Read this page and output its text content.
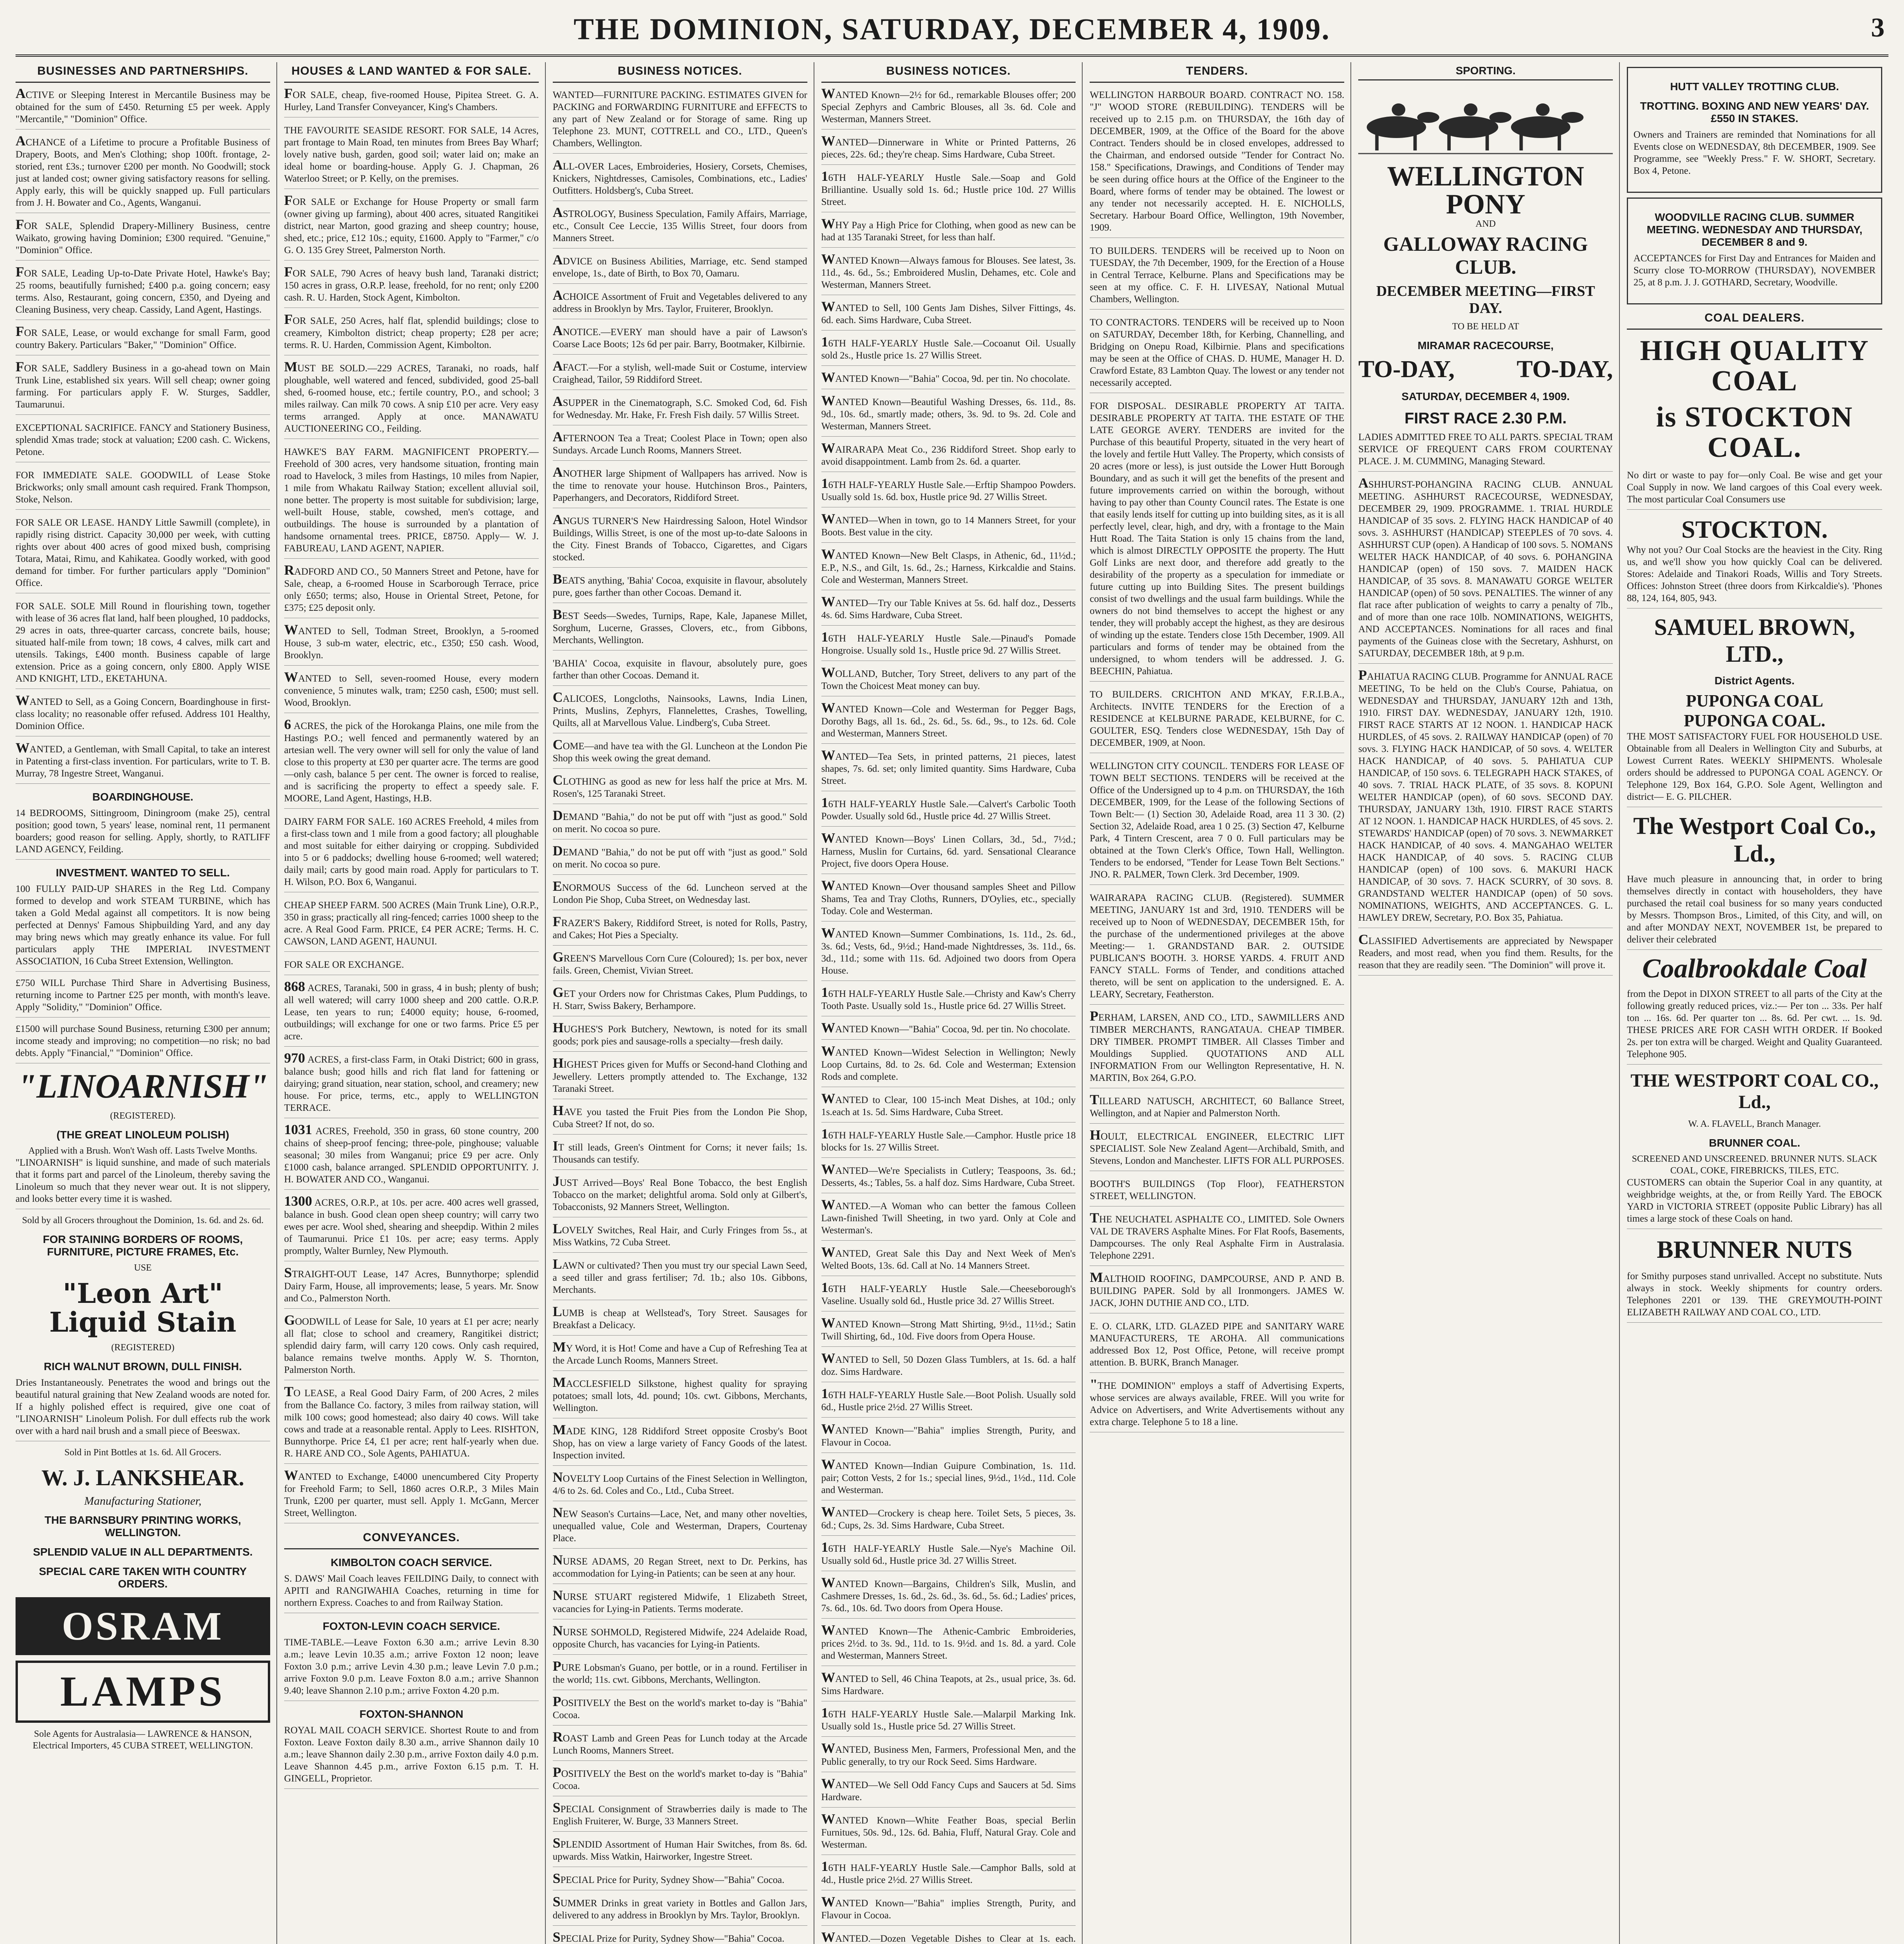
THE DOMINION, SATURDAY, DECEMBER 4, 1909.	3
BUSINESSES AND PARTNERSHIPS.

ACTIVE or Sleeping Interest in Mercantile Business may be obtained for the sum of £450. Returning £5 per week. Apply "Mercantile," "Dominion" Office.

ACHANCE of a Lifetime to procure a Profitable Business of Drapery, Boots, and Men's Clothing; shop 100ft. frontage, 2-storied, rent £3s.; turnover £200 per month. No Goodwill; stock just at landed cost; owner giving satisfactory reasons for selling. Apply early, this will be quickly snapped up. Full particulars from J. H. Bowater and Co., Agents, Wanganui.

FOR SALE, Splendid Drapery-Millinery Business, centre Waikato, growing having Dominion; £300 required. "Genuine," "Dominion" Office.

FOR SALE, Leading Up-to-Date Private Hotel, Hawke's Bay; 25 rooms, beautifully furnished; £400 p.a. going concern; easy terms. Also, Restaurant, going concern, £350, and Dyeing and Cleaning Business, very cheap. Cassidy, Land Agent, Hastings.

FOR SALE, Lease, or would exchange for small Farm, good country Bakery. Particulars "Baker," "Dominion" Office.

FOR SALE, Saddlery Business in a go-ahead town on Main Trunk Line, established six years. Will sell cheap; owner going farming. For particulars apply F. W. Sturges, Saddler, Taumarunui.

EXCEPTIONAL SACRIFICE. FANCY and Stationery Business, splendid Xmas trade; stock at valuation; £200 cash. C. Wickens, Petone.

FOR IMMEDIATE SALE. GOODWILL of Lease Stoke Brickworks; only small amount cash required. Frank Thompson, Stoke, Nelson.

FOR SALE OR LEASE. HANDY Little Sawmill (complete), in rapidly rising district. Capacity 30,000 per week, with cutting rights over about 400 acres of good mixed bush, comprising Totara, Matai, Rimu, and Kahikatea. Goodly worked, with good demand for timber. For further particulars apply "Dominion" Office.

FOR SALE. SOLE Mill Round in flourishing town, together with lease of 36 acres flat land, half been ploughed, 10 paddocks, 29 acres in oats, three-quarter carcass, concrete bails, house; situated half-mile from town; 18 cows, 4 calves, milk cart and utensils. Takings, £400 month. Business capable of large extension. Price as a going concern, only £800. Apply WISE AND KNIGHT, LTD., EKETAHUNA.

WANTED to Sell, as a Going Concern, Boardinghouse in first-class locality; no reasonable offer refused. Address 101 Healthy, Dominion Office.

WANTED, a Gentleman, with Small Capital, to take an interest in Patenting a first-class invention. For particulars, write to T. B. Murray, 78 Ingestre Street, Wanganui.

BOARDINGHOUSE.

14 BEDROOMS, Sittingroom, Diningroom (make 25), central position; good town, 5 years' lease, nominal rent, 11 permanent boarders; good reason for selling. Apply, shortly, to RATLIFF LAND AGENCY, Feilding.

INVESTMENT. WANTED TO SELL.

100 FULLY PAID-UP SHARES in the Reg Ltd. Company formed to develop and work STEAM TURBINE, which has taken a Gold Medal against all competitors. It is now being perfected at Dennys' Famous Shipbuilding Yard, and any day may bring news which may greatly enhance its value. For full particulars apply THE IMPERIAL INVESTMENT ASSOCIATION, 16 Cuba Street Extension, Wellington.

£750 WILL Purchase Third Share in Advertising Business, returning income to Partner £25 per month, with month's leave. Apply "Solidity," "Dominion" Office.

£1500 will purchase Sound Business, returning £300 per annum; income steady and improving; no competition—no risk; no bad debts. Apply "Financial," "Dominion" Office.

"LINOARNISH"
(REGISTERED).
(THE GREAT LINOLEUM POLISH)
Applied with a Brush. Won't Wash off. Lasts Twelve Months.

"LINOARNISH" is liquid sunshine, and made of such materials that it forms part and parcel of the Linoleum, thereby saving the Linoleum so much that they never wear out. It is not slippery, and looks better every time it is washed.

Sold by all Grocers throughout the Dominion, 1s. 6d. and 2s. 6d.
FOR STAINING BORDERS OF ROOMS, FURNITURE, PICTURE FRAMES, Etc.
USE
"Leon Art" Liquid Stain
(REGISTERED)
RICH WALNUT BROWN, DULL FINISH.

Dries Instantaneously. Penetrates the wood and brings out the beautiful natural graining that New Zealand woods are noted for. If a highly polished effect is required, give one coat of "LINOARNISH" Linoleum Polish. For dull effects rub the work over with a hard nail brush and a small piece of Beeswax.

Sold in Pint Bottles at 1s. 6d. All Grocers.
W. J. LANKSHEAR.
Manufacturing Stationer,
THE BARNSBURY PRINTING WORKS, WELLINGTON.
SPLENDID VALUE IN ALL DEPARTMENTS.
SPECIAL CARE TAKEN WITH COUNTRY ORDERS.
OSRAM
LAMPS
Sole Agents for Australasia— LAWRENCE & HANSON, Electrical Importers, 45 CUBA STREET, WELLINGTON.
HOUSES & LAND WANTED & FOR SALE.

FOR SALE, cheap, five-roomed House, Pipitea Street. G. A. Hurley, Land Transfer Conveyancer, King's Chambers.

THE FAVOURITE SEASIDE RESORT. FOR SALE, 14 Acres, part frontage to Main Road, ten minutes from Brees Bay Wharf; lovely native bush, garden, good soil; water laid on; make an ideal home or boarding-house. Apply G. J. Chapman, 26 Waterloo Street; or P. Kelly, on the premises.

FOR SALE or Exchange for House Property or small farm (owner giving up farming), about 400 acres, situated Rangitikei district, near Marton, good grazing and sheep country; house, shed, etc.; price, £12 10s.; equity, £1600. Apply to "Farmer," c/o G. O. 135 Grey Street, Palmerston North.

FOR SALE, 790 Acres of heavy bush land, Taranaki district; 150 acres in grass, O.R.P. lease, freehold, for no rent; only £200 cash. R. U. Harden, Stock Agent, Kimbolton.

FOR SALE, 250 Acres, half flat, splendid buildings; close to creamery, Kimbolton district; cheap property; £28 per acre; terms. R. U. Harden, Commission Agent, Kimbolton.

MUST BE SOLD.—229 ACRES, Taranaki, no roads, half ploughable, well watered and fenced, subdivided, good 25-ball shed, 6-roomed house, etc.; fertile country, P.O., and school; 3 miles railway. Can milk 70 cows. A snip £10 per acre. Very easy terms arranged. Apply at once. MANAWATU AUCTIONEERING CO., Feilding.

HAWKE'S BAY FARM. MAGNIFICENT PROPERTY.—Freehold of 300 acres, very handsome situation, fronting main road to Havelock, 3 miles from Hastings, 10 miles from Napier, 1 mile from Whakatu Railway Station; excellent alluvial soil, none better. The property is most suitable for subdivision; large, well-built House, stable, cowshed, men's cottage, and outbuildings. The house is surrounded by a plantation of handsome ornamental trees. PRICE, £8750. Apply— W. J. FABUREAU, LAND AGENT, NAPIER.

RADFORD AND CO., 50 Manners Street and Petone, have for Sale, cheap, a 6-roomed House in Scarborough Terrace, price only £650; terms; also, House in Oriental Street, Petone, for £375; £25 deposit only.

WANTED to Sell, Todman Street, Brooklyn, a 5-roomed House, 3 sub-m water, electric, etc., £350; £50 cash. Wood, Brooklyn.

WANTED to Sell, seven-roomed House, every modern convenience, 5 minutes walk, tram; £250 cash, £500; must sell. Wood, Brooklyn.

6 ACRES, the pick of the Horokanga Plains, one mile from the Hastings P.O.; well fenced and permanently watered by an artesian well. The very owner will sell for only the value of land close to this property at £30 per quarter acre. The terms are good—only cash, balance 5 per cent. The owner is forced to realise, and is sacrificing the property to effect a speedy sale. F. MOORE, Land Agent, Hastings, H.B.

DAIRY FARM FOR SALE. 160 ACRES Freehold, 4 miles from a first-class town and 1 mile from a good factory; all ploughable and most suitable for either dairying or cropping. Subdivided into 5 or 6 paddocks; dwelling house 6-roomed; well watered; daily mail; carts by good main road. Apply for particulars to T. H. Wilson, P.O. Box 6, Wanganui.

CHEAP SHEEP FARM. 500 ACRES (Main Trunk Line), O.R.P., 350 in grass; practically all ring-fenced; carries 1000 sheep to the acre. A Real Good Farm. PRICE, £4 PER ACRE; Terms. H. C. CAWSON, LAND AGENT, HAUNUI.

FOR SALE OR EXCHANGE.

868 ACRES, Taranaki, 500 in grass, 4 in bush; plenty of bush; all well watered; will carry 1000 sheep and 200 cattle. O.R.P. Lease, ten years to run; £4000 equity; house, 6-roomed, outbuildings; will exchange for one or two farms. Price £5 per acre.

970 ACRES, a first-class Farm, in Otaki District; 600 in grass, balance bush; good hills and rich flat land for fattening or dairying; grand situation, near station, school, and creamery; new house. For price, terms, etc., apply to WELLINGTON TERRACE.

1031 ACRES, Freehold, 350 in grass, 60 stone country, 200 chains of sheep-proof fencing; three-pole, pinghouse; valuable seasonal; 30 miles from Wanganui; price £9 per acre. Only £1000 cash, balance arranged. SPLENDID OPPORTUNITY. J. H. BOWATER AND CO., Wanganui.

1300 ACRES, O.R.P., at 10s. per acre. 400 acres well grassed, balance in bush. Good clean open sheep country; will carry two ewes per acre. Wool shed, shearing and sheepdip. Within 2 miles of Taumarunui. Price £1 10s. per acre; easy terms. Apply promptly, Walter Burnley, New Plymouth.

STRAIGHT-OUT Lease, 147 Acres, Bunnythorpe; splendid Dairy Farm, House, all improvements; lease, 5 years. Mr. Snow and Co., Palmerston North.

GOODWILL of Lease for Sale, 10 years at £1 per acre; nearly all flat; close to school and creamery, Rangitikei district; splendid dairy farm, will carry 120 cows. Only cash required, balance remains twelve months. Apply W. S. Thornton, Palmerston North.

TO LEASE, a Real Good Dairy Farm, of 200 Acres, 2 miles from the Ballance Co. factory, 3 miles from railway station, will milk 100 cows; good homestead; also dairy 40 cows. Will take cows and trade at a reasonable rental. Apply to Lees. RISHTON, Bunnythorpe. Price £4, £1 per acre; rent half-yearly when due. R. HARE AND CO., Sole Agents, PAHIATUA.

WANTED to Exchange, £4000 unencumbered City Property for Freehold Farm; to Sell, 1860 acres O.R.P., 3 Miles Main Trunk, £200 per quarter, must sell. Apply 1. McGann, Mercer Street, Wellington.

CONVEYANCES.
KIMBOLTON COACH SERVICE.

S. DAWS' Mail Coach leaves FEILDING Daily, to connect with APITI and RANGIWAHIA Coaches, returning in time for northern Express. Coaches to and from Railway Station.

FOXTON-LEVIN COACH SERVICE.

TIME-TABLE.—Leave Foxton 6.30 a.m.; arrive Levin 8.30 a.m.; leave Levin 10.35 a.m.; arrive Foxton 12 noon; leave Foxton 3.0 p.m.; arrive Levin 4.30 p.m.; leave Levin 7.0 p.m.; arrive Foxton 9.0 p.m. Leave Foxton 8.0 a.m.; arrive Shannon 9.40; leave Shannon 2.10 p.m.; arrive Foxton 4.20 p.m.

FOXTON-SHANNON

ROYAL MAIL COACH SERVICE. Shortest Route to and from Foxton. Leave Foxton daily 8.30 a.m., arrive Shannon daily 10 a.m.; leave Shannon daily 2.30 p.m., arrive Foxton daily 4.0 p.m. Leave Shannon 4.45 p.m., arrive Foxton 6.15 p.m. T. H. GINGELL, Proprietor.

BUSINESS NOTICES.

WANTED—FURNITURE PACKING. ESTIMATES GIVEN for PACKING and FORWARDING FURNITURE and EFFECTS to any part of New Zealand or for Storage of same. Ring up Telephone 23. MUNT, COTTRELL and CO., LTD., Queen's Chambers, Wellington.

ALL-OVER Laces, Embroideries, Hosiery, Corsets, Chemises, Knickers, Nightdresses, Camisoles, Combinations, etc., Ladies' Outfitters. Holdsberg's, Cuba Street.

ASTROLOGY, Business Speculation, Family Affairs, Marriage, etc., Consult Cee Leccie, 135 Willis Street, four doors from Manners Street.

ADVICE on Business Abilities, Marriage, etc. Send stamped envelope, 1s., date of Birth, to Box 70, Oamaru.

ACHOICE Assortment of Fruit and Vegetables delivered to any address in Brooklyn by Mrs. Taylor, Fruiterer, Brooklyn.

ANOTICE.—EVERY man should have a pair of Lawson's Coarse Lace Boots; 12s 6d per pair. Barry, Bootmaker, Kilbirnie.

AFACT.—For a stylish, well-made Suit or Costume, interview Craighead, Tailor, 59 Riddiford Street.

ASUPPER in the Cinematograph, S.C. Smoked Cod, 6d. Fish for Wednesday. Mr. Hake, Fr. Fresh Fish daily. 57 Willis Street.

AFTERNOON Tea a Treat; Coolest Place in Town; open also Sundays. Arcade Lunch Rooms, Manners Street.

ANOTHER large Shipment of Wallpapers has arrived. Now is the time to renovate your house. Hutchinson Bros., Painters, Paperhangers, and Decorators, Riddiford Street.

ANGUS TURNER'S New Hairdressing Saloon, Hotel Windsor Buildings, Willis Street, is one of the most up-to-date Saloons in the City. Finest Brands of Tobacco, Cigarettes, and Cigars stocked.

BEATS anything, 'Bahia' Cocoa, exquisite in flavour, absolutely pure, goes farther than other Cocoas. Demand it.

BEST Seeds—Swedes, Turnips, Rape, Kale, Japanese Millet, Sorghum, Lucerne, Grasses, Clovers, etc., from Gibbons, Merchants, Wellington.

'BAHIA' Cocoa, exquisite in flavour, absolutely pure, goes farther than other Cocoas. Demand it.

CALICOES, Longcloths, Nainsooks, Lawns, India Linen, Prints, Muslins, Zephyrs, Flannelettes, Crashes, Towelling, Quilts, all at Marvellous Value. Lindberg's, Cuba Street.

COME—and have tea with the Gl. Luncheon at the London Pie Shop this week owing the great demand.

CLOTHING as good as new for less half the price at Mrs. M. Rosen's, 125 Taranaki Street.

DEMAND "Bahia," do not be put off with "just as good." Sold on merit. No cocoa so pure.

DEMAND "Bahia," do not be put off with "just as good." Sold on merit. No cocoa so pure.

ENORMOUS Success of the 6d. Luncheon served at the London Pie Shop, Cuba Street, on Wednesday last.

FRAZER'S Bakery, Riddiford Street, is noted for Rolls, Pastry, and Cakes; Hot Pies a Specialty.

GREEN'S Marvellous Corn Cure (Coloured); 1s. per box, never fails. Green, Chemist, Vivian Street.

GET your Orders now for Christmas Cakes, Plum Puddings, to H. Starr, Swiss Bakery, Berhampore.

HUGHES'S Pork Butchery, Newtown, is noted for its small goods; pork pies and sausage-rolls a specialty—fresh daily.

HIGHEST Prices given for Muffs or Second-hand Clothing and Jewellery. Letters promptly attended to. The Exchange, 132 Taranaki Street.

HAVE you tasted the Fruit Pies from the London Pie Shop, Cuba Street? If not, do so.

IT still leads, Green's Ointment for Corns; it never fails; 1s. Thousands can testify.

JUST Arrived—Boys' Real Bone Tobacco, the best English Tobacco on the market; delightful aroma. Sold only at Gilbert's, Tobacconists, 92 Manners Street, Wellington.

LOVELY Switches, Real Hair, and Curly Fringes from 5s., at Miss Watkins, 72 Cuba Street.

LAWN or cultivated? Then you must try our special Lawn Seed, a seed tiller and grass fertiliser; 7d. 1b.; also 10s. Gibbons, Merchants.

LUMB is cheap at Wellstead's, Tory Street. Sausages for Breakfast a Delicacy.

MY Word, it is Hot! Come and have a Cup of Refreshing Tea at the Arcade Lunch Rooms, Manners Street.

MACCLESFIELD Silkstone, highest quality for spraying potatoes; small lots, 4d. pound; 10s. cwt. Gibbons, Merchants, Wellington.

MADE KING, 128 Riddiford Street opposite Crosby's Boot Shop, has on view a large variety of Fancy Goods of the latest. Inspection invited.

NOVELTY Loop Curtains of the Finest Selection in Wellington, 4/6 to 2s. 6d. Coles and Co., Ltd., Cuba Street.

NEW Season's Curtains—Lace, Net, and many other novelties, unequalled value, Cole and Westerman, Drapers, Courtenay Place.

NURSE ADAMS, 20 Regan Street, next to Dr. Perkins, has accommodation for Lying-in Patients; can be seen at any hour.

NURSE STUART registered Midwife, 1 Elizabeth Street, vacancies for Lying-in Patients. Terms moderate.

NURSE SOHMOLD, Registered Midwife, 224 Adelaide Road, opposite Church, has vacancies for Lying-in Patients.

PURE Lobsman's Guano, per bottle, or in a round. Fertiliser in the world; 11s. cwt. Gibbons, Merchants, Wellington.

POSITIVELY the Best on the world's market to-day is "Bahia" Cocoa.

ROAST Lamb and Green Peas for Lunch today at the Arcade Lunch Rooms, Manners Street.

POSITIVELY the Best on the world's market to-day is "Bahia" Cocoa.

SPECIAL Consignment of Strawberries daily is made to The English Fruiterer, W. Burge, 33 Manners Street.

SPLENDID Assortment of Human Hair Switches, from 8s. 6d. upwards. Miss Watkin, Hairworker, Ingestre Street.

SPECIAL Price for Purity, Sydney Show—"Bahia" Cocoa.

SUMMER Drinks in great variety in Bottles and Gallon Jars, delivered to any address in Brooklyn by Mrs. Taylor, Brooklyn.

SPECIAL Prize for Purity, Sydney Show—"Bahia" Cocoa.

BUSINESS NOTICES.

WANTED Known—2½ for 6d., remarkable Blouses offer; 200 Special Zephyrs and Cambric Blouses, all 3s. 6d. Cole and Westerman, Manners Street.

WANTED—Dinnerware in White or Printed Patterns, 26 pieces, 22s. 6d.; they're cheap. Sims Hardware, Cuba Street.

16TH HALF-YEARLY Hustle Sale.—Soap and Gold Brilliantine. Usually sold 1s. 6d.; Hustle price 10d. 27 Willis Street.

WHY Pay a High Price for Clothing, when good as new can be had at 135 Taranaki Street, for less than half.

WANTED Known—Always famous for Blouses. See latest, 3s. 11d., 4s. 6d., 5s.; Embroidered Muslin, Dehames, etc. Cole and Westerman, Manners Street.

WANTED to Sell, 100 Gents Jam Dishes, Silver Fittings, 4s. 6d. each. Sims Hardware, Cuba Street.

16TH HALF-YEARLY Hustle Sale.—Cocoanut Oil. Usually sold 2s., Hustle price 1s. 27 Willis Street.

WANTED Known—"Bahia" Cocoa, 9d. per tin. No chocolate.

WANTED Known—Beautiful Washing Dresses, 6s. 11d., 8s. 9d., 10s. 6d., smartly made; others, 3s. 9d. to 9s. 2d. Cole and Westerman, Manners Street.

WAIRARAPA Meat Co., 236 Riddiford Street. Shop early to avoid disappointment. Lamb from 2s. 6d. a quarter.

16TH HALF-YEARLY Hustle Sale.—Erftip Shampoo Powders. Usually sold 1s. 6d. box, Hustle price 9d. 27 Willis Street.

WANTED—When in town, go to 14 Manners Street, for your Boots. Best value in the city.

WANTED Known—New Belt Clasps, in Athenic, 6d., 11½d.; E.P., N.S., and Gilt, 1s. 6d., 2s.; Harness, Kirkcaldie and Stains. Cole and Westerman, Manners Street.

WANTED—Try our Table Knives at 5s. 6d. half doz., Desserts 4s. 6d. Sims Hardware, Cuba Street.

16TH HALF-YEARLY Hustle Sale.—Pinaud's Pomade Hongroise. Usually sold 1s., Hustle price 9d. 27 Willis Street.

WOLLAND, Butcher, Tory Street, delivers to any part of the Town the Choicest Meat money can buy.

WANTED Known—Cole and Westerman for Pegger Bags, Dorothy Bags, all 1s. 6d., 2s. 6d., 5s. 6d., 9s., to 12s. 6d. Cole and Westerman, Manners Street.

WANTED—Tea Sets, in printed patterns, 21 pieces, latest shapes, 7s. 6d. set; only limited quantity. Sims Hardware, Cuba Street.

16TH HALF-YEARLY Hustle Sale.—Calvert's Carbolic Tooth Powder. Usually sold 6d., Hustle price 4d. 27 Willis Street.

WANTED Known—Boys' Linen Collars, 3d., 5d., 7½d.; Harness, Muslin for Curtains, 6d. yard. Sensational Clearance Project, five doors Opera House.

WANTED Known—Over thousand samples Sheet and Pillow Shams, Tea and Tray Cloths, Runners, D'Oylies, etc., specially Today. Cole and Westerman.

WANTED Known—Summer Combinations, 1s. 11d., 2s. 6d., 3s. 6d.; Vests, 6d., 9½d.; Hand-made Nightdresses, 3s. 11d., 6s. 3d., 11d.; some with 11s. 6d. Adjoined two doors from Opera House.

16TH HALF-YEARLY Hustle Sale.—Christy and Kaw's Cherry Tooth Paste. Usually sold 1s., Hustle price 6d. 27 Willis Street.

WANTED Known—"Bahia" Cocoa, 9d. per tin. No chocolate.

WANTED Known—Widest Selection in Wellington; Newly Loop Curtains, 8d. to 2s. 6d. Cole and Westerman; Extension Rods and complete.

WANTED to Clear, 100 15-inch Meat Dishes, at 10d.; only 1s.each at 1s. 5d. Sims Hardware, Cuba Street.

16TH HALF-YEARLY Hustle Sale.—Camphor. Hustle price 18 blocks for 1s. 27 Willis Street.

WANTED—We're Specialists in Cutlery; Teaspoons, 3s. 6d.; Desserts, 4s.; Tables, 5s. a half doz. Sims Hardware, Cuba Street.

WANTED.—A Woman who can better the famous Colleen Lawn-finished Twill Sheeting, in two yard. Only at Cole and Westerman's.

WANTED, Great Sale this Day and Next Week of Men's Welted Boots, 13s. 6d. Call at No. 14 Manners Street.

16TH HALF-YEARLY Hustle Sale.—Cheeseborough's Vaseline. Usually sold 6d., Hustle price 3d. 27 Willis Street.

WANTED Known—Strong Matt Shirting, 9½d., 11½d.; Satin Twill Shirting, 6d., 10d. Five doors from Opera House.

WANTED to Sell, 50 Dozen Glass Tumblers, at 1s. 6d. a half doz. Sims Hardware.

16TH HALF-YEARLY Hustle Sale.—Boot Polish. Usually sold 6d., Hustle price 2½d. 27 Willis Street.

WANTED Known—"Bahia" implies Strength, Purity, and Flavour in Cocoa.

WANTED Known—Indian Guipure Combination, 1s. 11d. pair; Cotton Vests, 2 for 1s.; special lines, 9½d., 1½d., 11d. Cole and Westerman.

WANTED—Crockery is cheap here. Toilet Sets, 5 pieces, 3s. 6d.; Cups, 2s. 3d. Sims Hardware, Cuba Street.

16TH HALF-YEARLY Hustle Sale.—Nye's Machine Oil. Usually sold 6d., Hustle price 3d. 27 Willis Street.

WANTED Known—Bargains, Children's Silk, Muslin, and Cashmere Dresses, 1s. 6d., 2s. 6d., 3s. 6d., 5s. 6d.; Ladies' prices, 7s. 6d., 10s. 6d. Two doors from Opera House.

WANTED Known—The Athenic-Cambric Embroideries, prices 2½d. to 3s. 9d., 11d. to 1s. 9½d. and 1s. 8d. a yard. Cole and Westerman, Manners Street.

WANTED to Sell, 46 China Teapots, at 2s., usual price, 3s. 6d. Sims Hardware.

16TH HALF-YEARLY Hustle Sale.—Malarpil Marking Ink. Usually sold 1s., Hustle price 5d. 27 Willis Street.

WANTED, Business Men, Farmers, Professional Men, and the Public generally, to try our Rock Seed. Sims Hardware.

WANTED—We Sell Odd Fancy Cups and Saucers at 5d. Sims Hardware.

WANTED Known—White Feather Boas, special Berlin Furnitues, 50s. 9d., 12s. 6d. Bahia, Fluff, Natural Gray. Cole and Westerman.

16TH HALF-YEARLY Hustle Sale.—Camphor Balls, sold at 4d., Hustle price 2½d. 27 Willis Street.

WANTED Known—"Bahia" implies Strength, Purity, and Flavour in Cocoa.

WANTED.—Dozen Vegetable Dishes to Clear at 1s. each.

TENDERS.

WELLINGTON HARBOUR BOARD. CONTRACT NO. 158. "J" WOOD STORE (REBUILDING). TENDERS will be received up to 2.15 p.m. on THURSDAY, the 16th day of DECEMBER, 1909, at the Office of the Board for the above Contract. Tenders should be in closed envelopes, addressed to the Chairman, and endorsed outside "Tender for Contract No. 158." Specifications, Drawings, and Conditions of Tender may be seen during office hours at the Office of the Engineer to the Board, where forms of tender may be obtained. The lowest or any tender not necessarily accepted. H. E. NICHOLLS, Secretary. Harbour Board Office, Wellington, 19th November, 1909.

TO BUILDERS. TENDERS will be received up to Noon on TUESDAY, the 7th December, 1909, for the Erection of a House in Central Terrace, Kelburne. Plans and Specifications may be seen at my office. C. F. H. LIVESAY, National Mutual Chambers, Wellington.

TO CONTRACTORS. TENDERS will be received up to Noon on SATURDAY, December 18th, for Kerbing, Channelling, and Bridging on Onepu Road, Kilbirnie. Plans and specifications may be seen at the Office of CHAS. D. HUME, Manager H. D. Crawford Estate, 83 Lambton Quay. The lowest or any tender not necessarily accepted.

FOR DISPOSAL. DESIRABLE PROPERTY AT TAITA. DESIRABLE PROPERTY AT TAITA. THE ESTATE OF THE LATE GEORGE AVERY. TENDERS are invited for the Purchase of this beautiful Property, situated in the very heart of the lovely and fertile Hutt Valley. The Property, which consists of 20 acres (more or less), is just outside the Lower Hutt Borough Boundary, and as such it will get the benefits of the present and future improvements carried on within the borough, without having to pay other than County Council rates. The Estate is one that easily lends itself for cutting up into building sites, as it is all perfectly level, clear, high, and dry, with a frontage to the Main Hutt Road. The Taita Station is only 15 chains from the land, which is almost DIRECTLY OPPOSITE the property. The Hutt Golf Links are next door, and therefore add greatly to the desirability of the property as a speculation for immediate or future cutting up into Building Sites. The present buildings consist of two dwellings and the usual farm buildings. While the owners do not bind themselves to accept the highest or any tender, they will probably accept the highest, as they are desirous of winding up the estate. Tenders close 15th December, 1909. All particulars and forms of tender may be obtained from the undersigned, to whom tenders will be addressed. J. G. BEECHIN, Pahiatua.

TO BUILDERS. CRICHTON AND M'KAY, F.R.I.B.A., Architects. INVITE TENDERS for the Erection of a RESIDENCE at KELBURNE PARADE, KELBURNE, for C. GOULTER, ESQ. Tenders close WEDNESDAY, 15th Day of DECEMBER, 1909, at Noon.

WELLINGTON CITY COUNCIL. TENDERS FOR LEASE OF TOWN BELT SECTIONS. TENDERS will be received at the Office of the Undersigned up to 4 p.m. on THURSDAY, the 16th DECEMBER, 1909, for the Lease of the following Sections of Town Belt:— (1) Section 30, Adelaide Road, area 11 3 30. (2) Section 32, Adelaide Road, area 1 0 25. (3) Section 47, Kelburne Park, 4 Tintern Crescent, area 7 0 0. Full particulars may be obtained at the Town Clerk's Office, Town Hall, Wellington. Tenders to be endorsed, "Tender for Lease Town Belt Sections." JNO. R. PALMER, Town Clerk. 3rd December, 1909.

WAIRARAPA RACING CLUB. (Registered). SUMMER MEETING, JANUARY 1st and 3rd, 1910. TENDERS will be received up to Noon of WEDNESDAY, DECEMBER 15th, for the purchase of the undermentioned privileges at the above Meeting:— 1. GRANDSTAND BAR. 2. OUTSIDE PUBLICAN'S BOOTH. 3. HORSE YARDS. 4. FRUIT AND FANCY STALL. Forms of Tender, and conditions attached thereto, will be sent on application to the undersigned. E. A. LEARY, Secretary, Featherston.

PERHAM, LARSEN, AND CO., LTD., SAWMILLERS AND TIMBER MERCHANTS, RANGATAUA. CHEAP TIMBER. DRY TIMBER. PROMPT TIMBER. All Classes Timber and Mouldings Supplied. QUOTATIONS AND ALL INFORMATION From our Wellington Representative, H. N. MARTIN, Box 264, G.P.O.

TILLEARD NATUSCH, ARCHITECT, 60 Ballance Street, Wellington, and at Napier and Palmerston North.

HOULT, ELECTRICAL ENGINEER, ELECTRIC LIFT SPECIALIST. Sole New Zealand Agent—Archibald, Smith, and Stevens, London and Manchester. LIFTS FOR ALL PURPOSES.

BOOTH'S BUILDINGS (Top Floor), FEATHERSTON STREET, WELLINGTON.

THE NEUCHATEL ASPHALTE CO., LIMITED. Sole Owners VAL DE TRAVERS Asphalte Mines. For Flat Roofs, Basements, Dampcourses. The only Real Asphalte Firm in Australasia. Telephone 2291.

MALTHOID ROOFING, DAMPCOURSE, AND P. AND B. BUILDING PAPER. Sold by all Ironmongers. JAMES W. JACK, JOHN DUTHIE AND CO., LTD.

E. O. CLARK, LTD. GLAZED PIPE and SANITARY WARE MANUFACTURERS, TE AROHA. All communications addressed Box 12, Post Office, Petone, will receive prompt attention. B. BURK, Branch Manager.

"THE DOMINION" employs a staff of Advertising Experts, whose services are always available, FREE. Will you write for Advice on Advertisers, and Write Advertisements without any extra charge. Telephone 5 to 18 a line.

SPORTING.
WELLINGTON PONY
AND
GALLOWAY RACING CLUB.
DECEMBER MEETING—FIRST DAY.
TO BE HELD AT
MIRAMAR RACECOURSE,
TO-DAY,	TO-DAY,
SATURDAY, DECEMBER 4, 1909.
FIRST RACE 2.30 P.M.

LADIES ADMITTED FREE TO ALL PARTS. SPECIAL TRAM SERVICE OF FREQUENT CARS FROM COURTENAY PLACE. J. M. CUMMING, Managing Steward.

ASHHURST-POHANGINA RACING CLUB. ANNUAL MEETING. ASHHURST RACECOURSE, WEDNESDAY, DECEMBER 29, 1909. PROGRAMME. 1. TRIAL HURDLE HANDICAP of 35 sovs. 2. FLYING HACK HANDICAP of 40 sovs. 3. ASHHURST (HANDICAP) STEEPLES of 70 sovs. 4. ASHHURST CUP (open). A Handicap of 100 sovs. 5. NOMANS WELTER HACK HANDICAP, of 40 sovs. 6. POHANGINA HANDICAP (open) of 150 sovs. 7. MAIDEN HACK HANDICAP, of 35 sovs. 8. MANAWATU GORGE WELTER HANDICAP (open) of 50 sovs. PENALTIES. The winner of any flat race after publication of weights to carry a penalty of 7lb., and of more than one race 10lb. NOMINATIONS, WEIGHTS, AND ACCEPTANCES. Nominations for all races and final payments of the Guineas close with the Secretary, Ashhurst, on SATURDAY, DECEMBER 18th, at 9 p.m.

PAHIATUA RACING CLUB. Programme for ANNUAL RACE MEETING, To be held on the Club's Course, Pahiatua, on WEDNESDAY and THURSDAY, JANUARY 12th and 13th, 1910. FIRST DAY. WEDNESDAY, JANUARY 12th, 1910. FIRST RACE STARTS AT 12 NOON. 1. HANDICAP HACK HURDLES, of 45 sovs. 2. RAILWAY HANDICAP (open) of 70 sovs. 3. FLYING HACK HANDICAP, of 50 sovs. 4. WELTER HACK HANDICAP, of 40 sovs. 5. PAHIATUA CUP HANDICAP, of 150 sovs. 6. TELEGRAPH HACK STAKES, of 40 sovs. 7. TRIAL HACK PLATE, of 35 sovs. 8. KOPUNI WELTER HANDICAP (open), of 60 sovs. SECOND DAY. THURSDAY, JANUARY 13th, 1910. FIRST RACE STARTS AT 12 NOON. 1. HANDICAP HACK HURDLES, of 45 sovs. 2. STEWARDS' HANDICAP (open) of 70 sovs. 3. NEWMARKET HACK HANDICAP, of 40 sovs. 4. MANGAHAO WELTER HACK HANDICAP, of 40 sovs. 5. RACING CLUB HANDICAP (open) of 100 sovs. 6. MAKURI HACK HANDICAP, of 30 sovs. 7. HACK SCURRY, of 30 sovs. 8. GRANDSTAND WELTER HANDICAP (open) of 50 sovs. NOMINATIONS, WEIGHTS, AND ACCEPTANCES. G. L. HAWLEY DREW, Secretary, P.O. Box 35, Pahiatua.

CLASSIFIED Advertisements are appreciated by Newspaper Readers, and most read, when you find them. Results, for the reason that they are readily seen. "The Dominion" will prove it.

HUTT VALLEY TROTTING CLUB.
TROTTING. BOXING AND NEW YEARS' DAY. £550 IN STAKES.

Owners and Trainers are reminded that Nominations for all Events close on WEDNESDAY, 8th DECEMBER, 1909. See Programme, see "Weekly Press." F. W. SHORT, Secretary. Box 4, Petone.

WOODVILLE RACING CLUB. SUMMER MEETING. WEDNESDAY AND THURSDAY, DECEMBER 8 and 9.

ACCEPTANCES for First Day and Entrances for Maiden and Scurry close TO-MORROW (THURSDAY), NOVEMBER 25, at 8 p.m. J. J. GOTHARD, Secretary, Woodville.

COAL DEALERS.
HIGH QUALITY COAL
is STOCKTON COAL.

No dirt or waste to pay for—only Coal. Be wise and get your Coal Supply in now. We land cargoes of this Coal every week. The most particular Coal Consumers use

STOCKTON.

Why not you? Our Coal Stocks are the heaviest in the City. Ring us, and we'll show you how quickly Coal can be delivered. Stores: Adelaide and Tinakori Roads, Willis and Tory Streets. Offices: Johnston Street (three doors from Kirkcaldie's). 'Phones 88, 124, 164, 805, 943.

SAMUEL BROWN, LTD.,
District Agents.
PUPONGA COAL
PUPONGA COAL.

THE MOST SATISFACTORY FUEL FOR HOUSEHOLD USE. Obtainable from all Dealers in Wellington City and Suburbs, at Lowest Current Rates. WEEKLY SHIPMENTS. Wholesale orders should be addressed to PUPONGA COAL AGENCY. Or Telephone 129, Box 164, G.P.O. Sole Agent, Wellington and district— E. G. PILCHER.

The Westport Coal Co., Ld.,

Have much pleasure in announcing that, in order to bring themselves directly in contact with householders, they have purchased the retail coal business for so many years conducted by Messrs. Thompson Bros., Limited, of this City, and will, on and after MONDAY NEXT, NOVEMBER 1st, be prepared to deliver their celebrated

Coalbrookdale Coal

from the Depot in DIXON STREET to all parts of the City at the following greatly reduced prices, viz.:— Per ton ... 33s. Per half ton ... 16s. 6d. Per quarter ton ... 8s. 6d. Per cwt. ... 1s. 9d. THESE PRICES ARE FOR CASH WITH ORDER. If Booked 2s. per ton extra will be charged. Weight and Quality Guaranteed. Telephone 905.

THE WESTPORT COAL CO., Ld.,
W. A. FLAVELL, Branch Manager.
BRUNNER COAL.
SCREENED AND UNSCREENED. BRUNNER NUTS. SLACK COAL, COKE, FIREBRICKS, TILES, ETC.

CUSTOMERS can obtain the Superior Coal in any quantity, at weighbridge weights, at the, or from Reilly Yard. The EBOCK YARD in VICTORIA STREET (opposite Public Library) has all times a large stock of these Coals on hand.

BRUNNER NUTS

for Smithy purposes stand unrivalled. Accept no substitute. Nuts always in stock. Weekly shipments for country orders. Telephones 2201 or 139. THE GREYMOUTH-POINT ELIZABETH RAILWAY AND COAL CO., LTD.
